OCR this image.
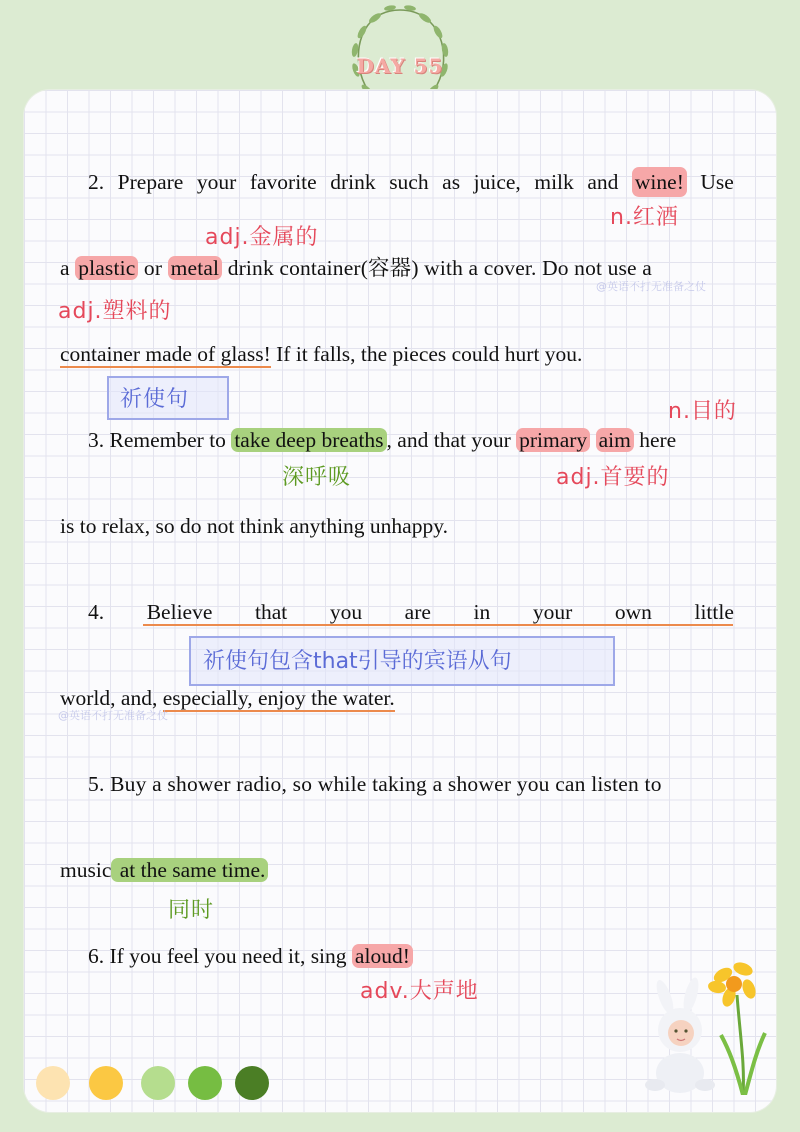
DAY 55
2. Prepare your favorite drink such as juice, milk and wine! Use
n.红酒
adj.金属的
a plastic or metal drink container(容器) with a cover. Do not use a
@英语不打无准备之仗
adj.塑料的
container made of glass! If it falls, the pieces could hurt you.
祈使句	n.目的
3. Remember to take deep breaths , and that your primary aim here
深呼吸	adj.首要的
is to relax, so do not think anything unhappy.
4. Believe that you are in your own little
祈使句包含that引导的宾语从句
world, and, especially, enjoy the water.
@英语不打无准备之仗
5. Buy a shower radio, so while taking a shower you can listen to
music at the same time.
同时
6. If you feel you need it, sing aloud!
adv.大声地
